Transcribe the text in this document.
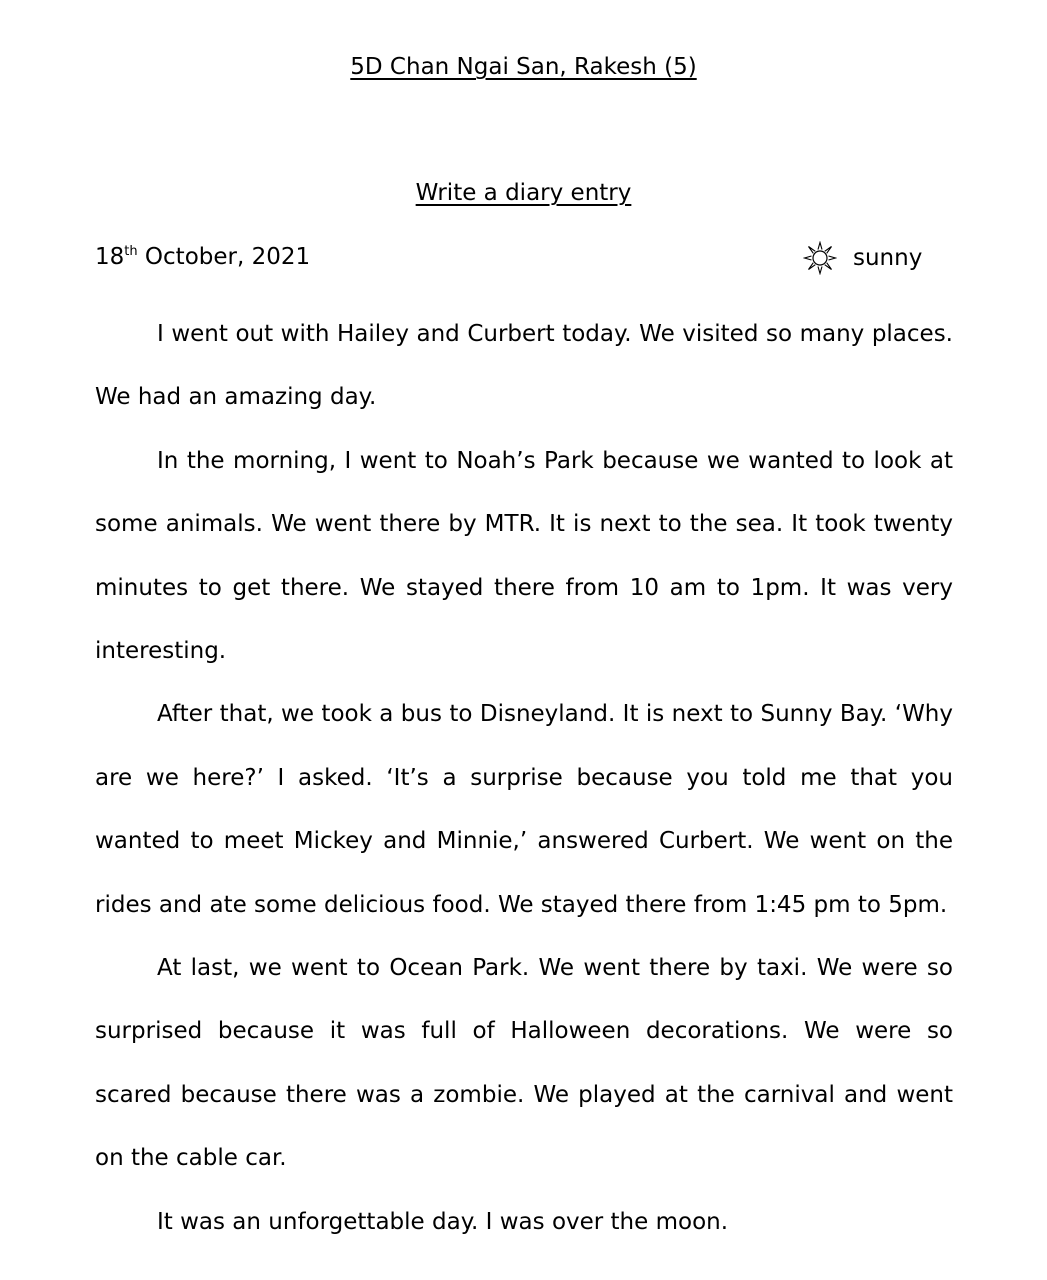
5D Chan Ngai San, Rakesh (5)
Write a diary entry
18th October, 2021	sunny

I went out with Hailey and Curbert today. We visited so many places. We had an amazing day.

In the morning, I went to Noah’s Park because we wanted to look at some animals. We went there by MTR. It is next to the sea. It took twenty minutes to get there. We stayed there from 10 am to 1pm. It was very interesting.

After that, we took a bus to Disneyland. It is next to Sunny Bay. ‘Why are we here?’ I asked. ‘It’s a surprise because you told me that you wanted to meet Mickey and Minnie,’ answered Curbert. We went on the rides and ate some delicious food. We stayed there from 1:45 pm to 5pm.

At last, we went to Ocean Park. We went there by taxi. We were so surprised because it was full of Halloween decorations. We were so scared because there was a zombie. We played at the carnival and went on the cable car.

It was an unforgettable day. I was over the moon.
